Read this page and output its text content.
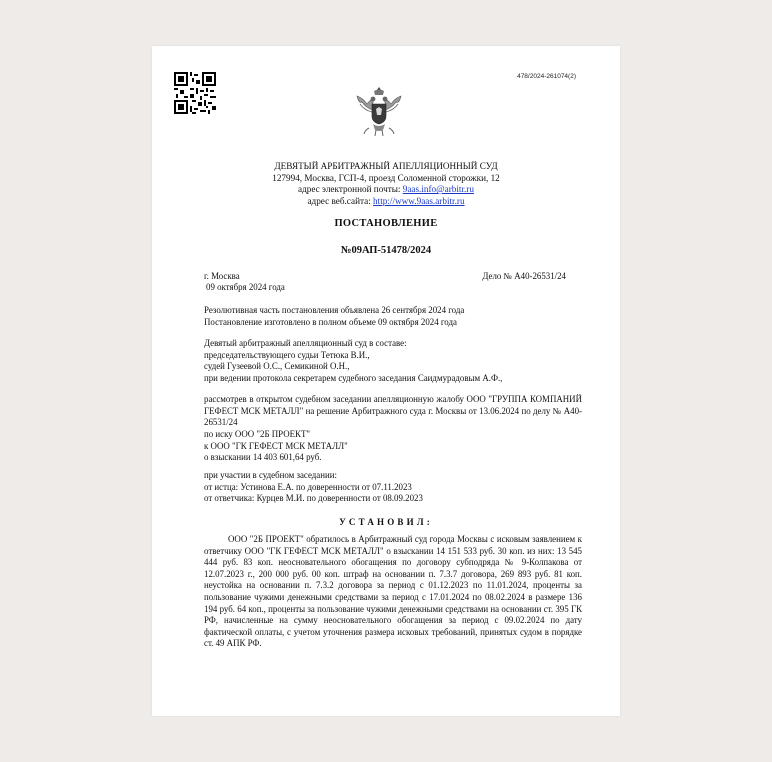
478/2024-261074(2)
ДЕВЯТЫЙ АРБИТРАЖНЫЙ АПЕЛЛЯЦИОННЫЙ СУД
127994, Москва, ГСП-4, проезд Соломенной сторожки, 12
адрес электронной почты: 9aas.info@arbitr.ru
адрес веб.сайта: http://www.9aas.arbitr.ru
ПОСТАНОВЛЕНИЕ
№09АП-51478/2024
г. Москва
09 октября 2024 года
Дело № А40-26531/24
Резолютивная часть постановления объявлена 26 сентября 2024 года
Постановление изготовлено в полном объеме 09 октября 2024 года
Девятый арбитражный апелляционный суд в составе:
председательствующего судьи Тетюка В.И.,
судей Гузеевой О.С., Семикиной О.Н.,
при ведении протокола секретарем судебного заседания Саидмурадовым А.Ф.,
рассмотрев в открытом судебном заседании апелляционную жалобу ООО "ГРУППА КОМПАНИЙ ГЕФЕСТ МСК МЕТАЛЛ" на решение Арбитражного суда г. Москвы от 13.06.2024 по делу № А40-26531/24
по иску ООО "2Б ПРОЕКТ"
к ООО "ГК ГЕФЕСТ МСК МЕТАЛЛ"
о взыскании 14 403 601,64 руб.
при участии в судебном заседании:
от истца: Устинова Е.А. по доверенности от 07.11.2023
от ответчика: Курцев М.И. по доверенности от 08.09.2023
УСТАНОВИЛ:
ООО "2Б ПРОЕКТ" обратилось в Арбитражный суд города Москвы с исковым заявлением к ответчику ООО "ГК ГЕФЕСТ МСК МЕТАЛЛ" о взыскании 14 151 533 руб. 30 коп. из них: 13 545 444 руб. 83 коп. неосновательного обогащения по договору субподряда № 9-Колпакова от 12.07.2023 г., 200 000 руб. 00 коп. штраф на основании п. 7.3.7 договора, 269 893 руб. 81 коп. неустойка на основании п. 7.3.2 договора за период с 01.12.2023 по 11.01.2024, проценты за пользование чужими денежными средствами за период с 17.01.2024 по 08.02.2024 в размере 136 194 руб. 64 коп., проценты за пользование чужими денежными средствами на основании ст. 395 ГК РФ, начисленные на сумму неосновательного обогащения за период с 09.02.2024 по дату фактической оплаты, с учетом уточнения размера исковых требований, принятых судом в порядке ст. 49 АПК РФ.
